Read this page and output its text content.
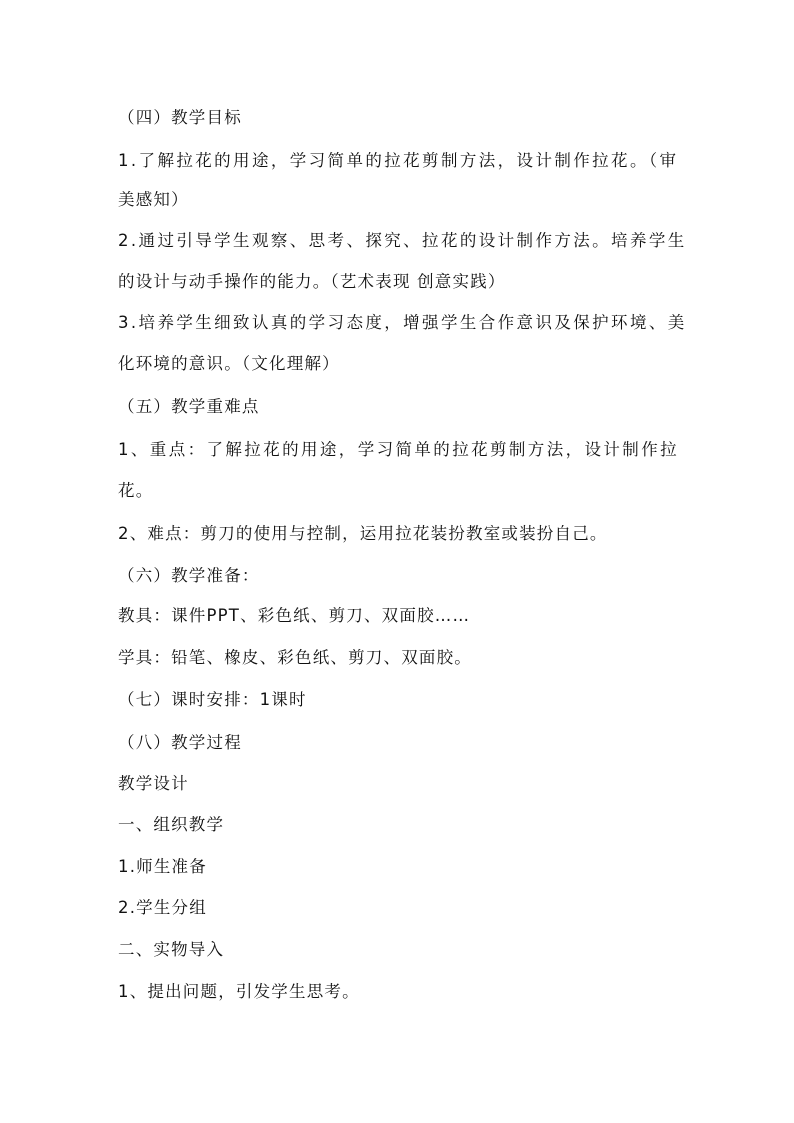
（四）教学目标
1.了解拉花的用途，学习简单的拉花剪制方法，设计制作拉花。（审
美感知）
2.通过引导学生观察、思考、探究、拉花的设计制作方法。培养学生
的设计与动手操作的能力。（艺术表现 创意实践）
3.培养学生细致认真的学习态度，增强学生合作意识及保护环境、美
化环境的意识。（文化理解）
（五）教学重难点
1、重点：了解拉花的用途，学习简单的拉花剪制方法，设计制作拉
花。
2、难点：剪刀的使用与控制，运用拉花装扮教室或装扮自己。
（六）教学准备：
教具：课件PPT、彩色纸、剪刀、双面胶……
学具：铅笔、橡皮、彩色纸、剪刀、双面胶。
（七）课时安排：1课时
（八）教学过程
教学设计
一、组织教学
1.师生准备
2.学生分组
二、实物导入
1、提出问题，引发学生思考。
